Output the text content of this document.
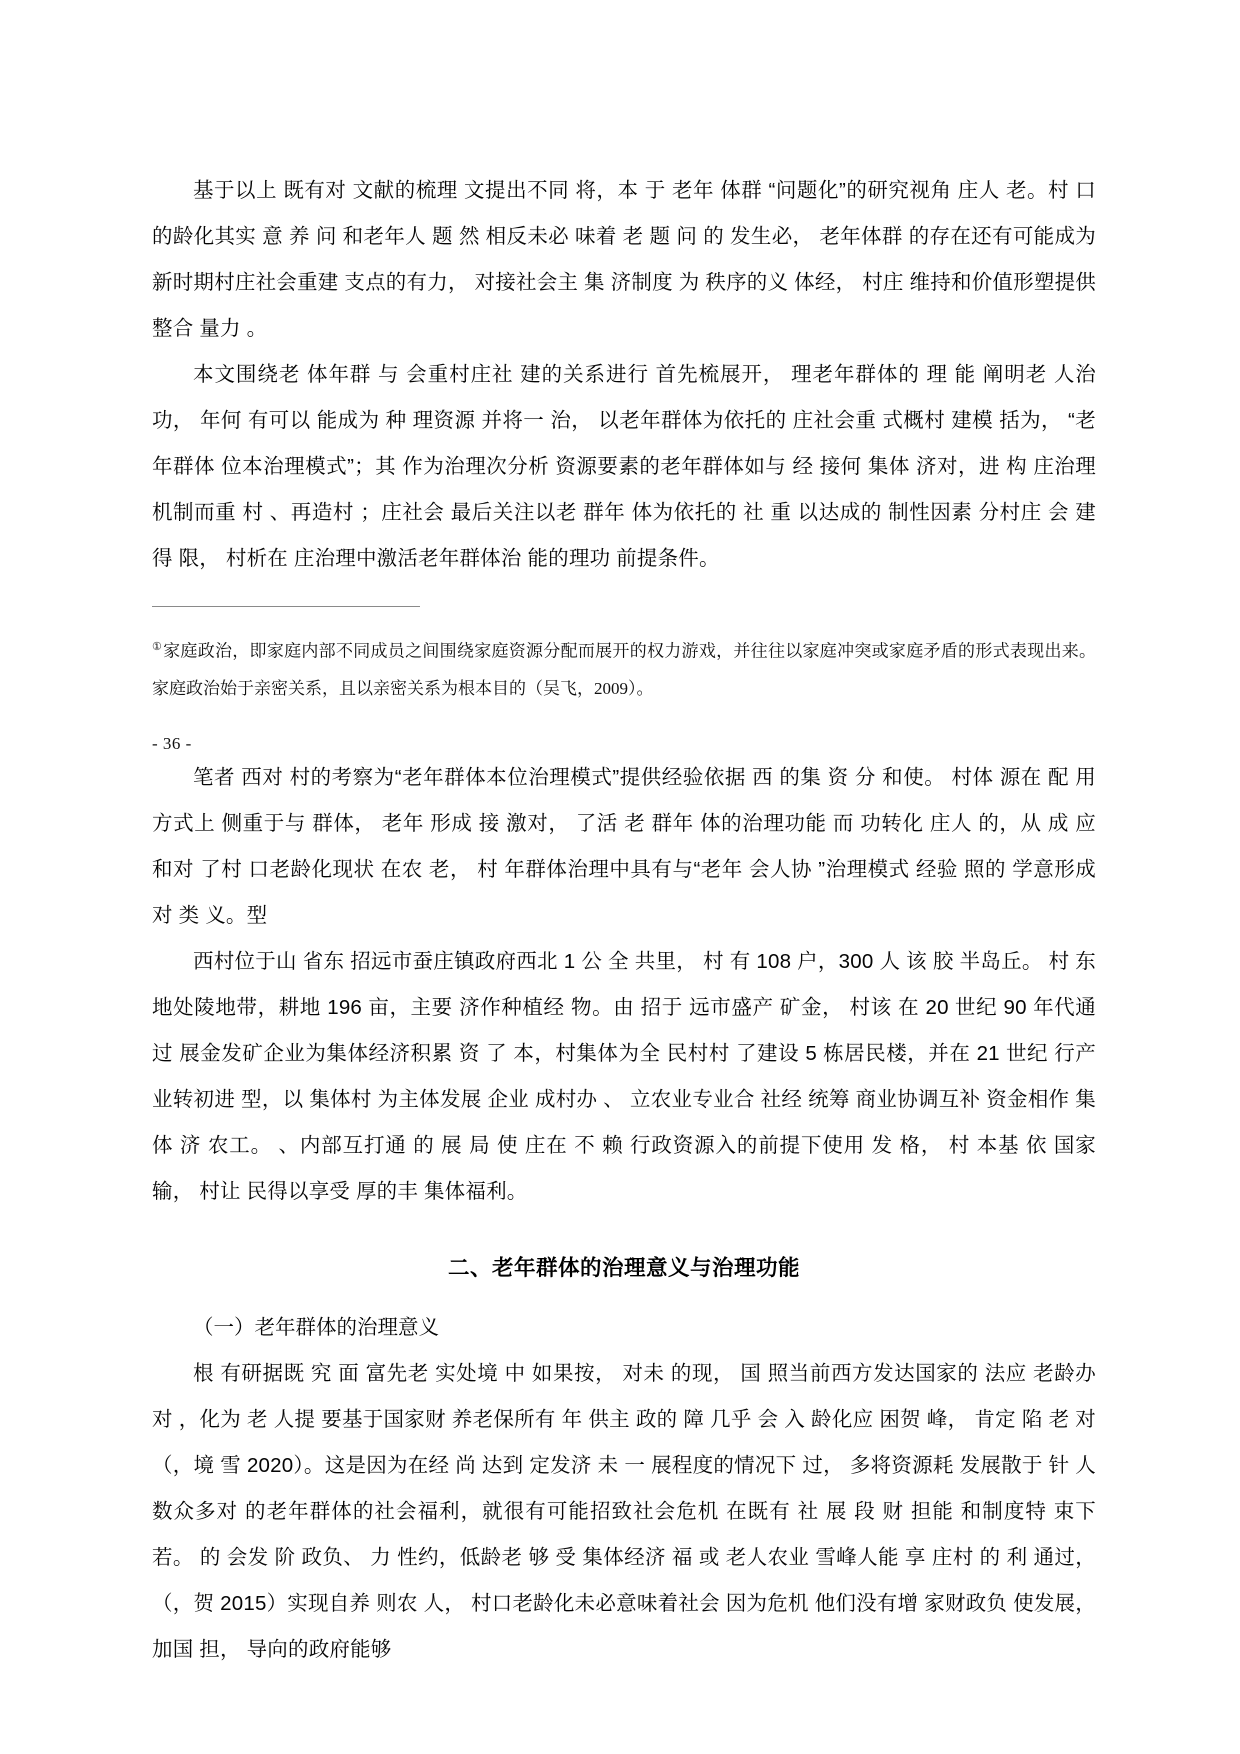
基于以上 既有对 文献的梳理 文提出不同 将，本 于 老年 体群 “问题化”的研究视角 庄人 老。村 口的龄化其实 意 养 问 和老年人 题 然 相反未必 味着 老 题 问 的 发生必， 老年体群 的存在还有可能成为新时期村庄社会重建 支点的有力， 对接社会主 集 济制度 为 秩序的义 体经， 村庄 维持和价值形塑提供整合 量力 。

本文围绕老 体年群 与 会重村庄社 建的关系进行 首先梳展开， 理老年群体的 理 能 阐明老 人治 功， 年何 有可以 能成为 种 理资源 并将一 治， 以老年群体为依托的 庄社会重 式概村 建模 括为， “老年群体 位本治理模式”；其 作为治理次分析 资源要素的老年群体如与 经 接何 集体 济对，进 构 庄治理机制而重 村 、再造村 ；庄社会 最后关注以老 群年 体为依托的 社 重 以达成的 制性因素 分村庄 会 建得 限， 村析在 庄治理中激活老年群体治 能的理功 前提条件。

①家庭政治，即家庭内部不同成员之间围绕家庭资源分配而展开的权力游戏，并往往以家庭冲突或家庭矛盾的形式表现出来。家庭政治始于亲密关系，且以亲密关系为根本目的（吴飞，2009）。

- 36 -

笔者 西对 村的考察为“老年群体本位治理模式”提供经验依据 西 的集 资 分 和使。 村体 源在 配 用方式上 侧重于与 群体， 老年 形成 接 激对， 了活 老 群年 体的治理功能 而 功转化 庄人 的，从 成 应 和对 了村 口老龄化现状 在农 老， 村 年群体治理中具有与“老年 会人协 ”治理模式 经验 照的 学意形成 对 类 义。型

西村位于山 省东 招远市蚕庄镇政府西北 1 公 全 共里， 村 有 108 户，300 人 该 胶 半岛丘。 村 东地处陵地带，耕地 196 亩，主要 济作种植经 物。由 招于 远市盛产 矿金， 村该 在 20 世纪 90 年代通过 展金发矿企业为集体经济积累 资 了 本，村集体为全 民村村 了建设 5 栋居民楼，并在 21 世纪 行产业转初进 型，以 集体村 为主体发展 企业 成村办 、 立农业专业合 社经 统筹 商业协调互补 资金相作 集体 济 农工。 、内部互打通 的 展 局 使 庄在 不 赖 行政资源入的前提下使用 发 格， 村 本基 依 国家 输， 村让 民得以享受 厚的丰 集体福利。

二、老年群体的治理意义与治理功能

（一）老年群体的治理意义

根 有研据既 究 面 富先老 实处境 中 如果按， 对未 的现， 国 照当前西方发达国家的 法应 老龄办 对 ，化为 老 人提 要基于国家财 养老保所有 年 供主 政的 障 几乎 会 入 龄化应 困贺 峰， 肯定 陷 老 对 （，境 雪 2020）。这是因为在经 尚 达到 定发济 未 一 展程度的情况下 过， 多将资源耗 发展散于 针 人数众多对 的老年群体的社会福利，就很有可能招致社会危机 在既有 社 展 段 财 担能 和制度特 束下 若。 的 会发 阶 政负、 力 性约，低龄老 够 受 集体经济 福 或 老人农业 雪峰人能 享 庄村 的 利 通过， （，贺 2015）实现自养 则农 人， 村口老龄化未必意味着社会 因为危机 他们没有增 家财政负 使发展， 加国 担， 导向的政府能够
